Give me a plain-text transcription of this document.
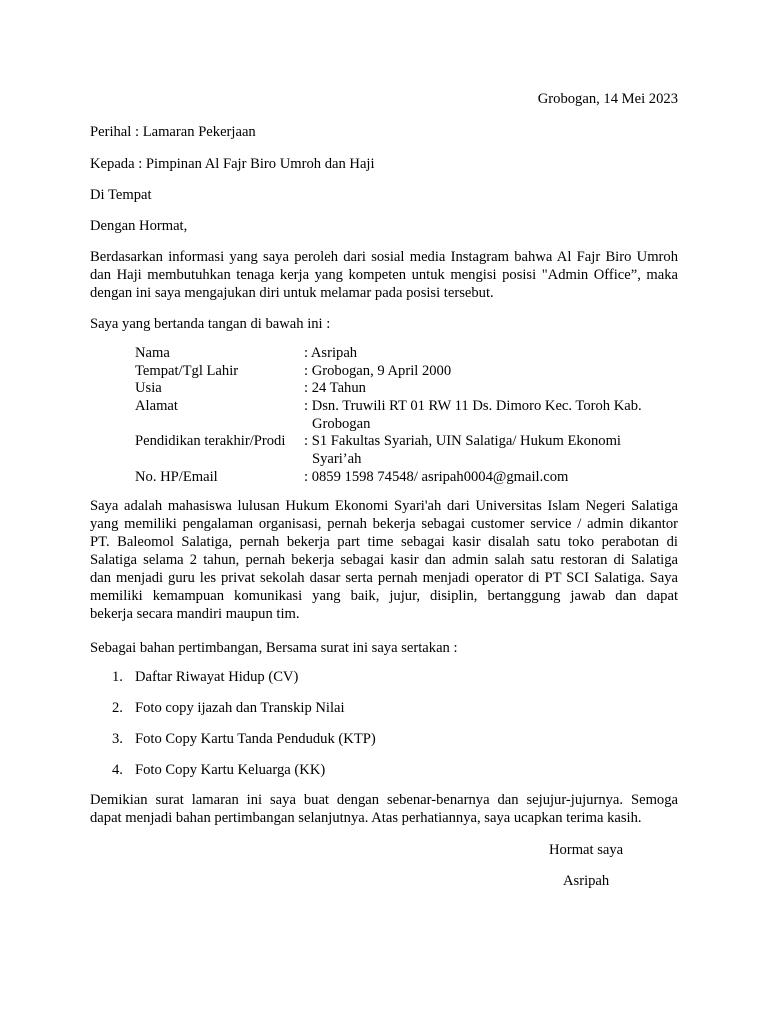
Grobogan, 14 Mei 2023
Perihal : Lamaran Pekerjaan
Kepada : Pimpinan Al Fajr Biro Umroh dan Haji
Di Tempat
Dengan Hormat,
Berdasarkan informasi yang saya peroleh dari sosial media Instagram bahwa Al Fajr Biro Umroh
dan Haji membutuhkan tenaga kerja yang kompeten untuk mengisi posisi "Admin Office”, maka
dengan ini saya mengajukan diri untuk melamar pada posisi tersebut.
Saya yang bertanda tangan di bawah ini :
Nama	: Asripah
Tempat/Tgl Lahir	: Grobogan, 9 April 2000
Usia	: 24 Tahun
Alamat	: Dsn. Truwili RT 01 RW 11 Ds. Dimoro Kec. Toroh Kab.
Grobogan
Pendidikan terakhir/Prodi	: S1 Fakultas Syariah, UIN Salatiga/ Hukum Ekonomi
Syari’ah
No. HP/Email	: 0859 1598 74548/ asripah0004@gmail.com
Saya adalah mahasiswa lulusan Hukum Ekonomi Syari'ah dari Universitas Islam Negeri Salatiga
yang memiliki pengalaman organisasi, pernah bekerja sebagai customer service / admin dikantor
PT. Baleomol Salatiga, pernah bekerja part time sebagai kasir disalah satu toko perabotan di
Salatiga selama 2 tahun, pernah bekerja sebagai kasir dan admin salah satu restoran di Salatiga
dan menjadi guru les privat sekolah dasar serta pernah menjadi operator di PT SCI Salatiga. Saya
memiliki kemampuan komunikasi yang baik, jujur, disiplin, bertanggung jawab dan dapat
bekerja secara mandiri maupun tim.
Sebagai bahan pertimbangan, Bersama surat ini saya sertakan :
1. Daftar Riwayat Hidup (CV)
2. Foto copy ijazah dan Transkip Nilai
3. Foto Copy Kartu Tanda Penduduk (KTP)
4. Foto Copy Kartu Keluarga (KK)
Demikian surat lamaran ini saya buat dengan sebenar-benarnya dan sejujur-jujurnya. Semoga
dapat menjadi bahan pertimbangan selanjutnya. Atas perhatiannya, saya ucapkan terima kasih.
Hormat saya
Asripah
